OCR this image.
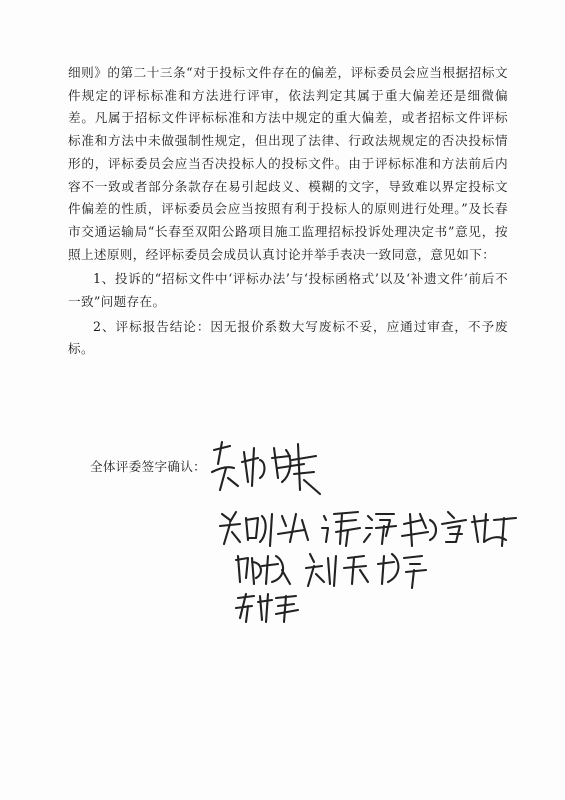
细则》的第二十三条“对于投标文件存在的偏差，评标委员会应当根据招标文件规定的评标标准和方法进行评审，依法判定其属于重大偏差还是细微偏差。凡属于招标文件评标标准和方法中规定的重大偏差，或者招标文件评标标准和方法中未做强制性规定，但出现了法律、行政法规规定的否决投标情形的，评标委员会应当否决投标人的投标文件。由于评标标准和方法前后内容不一致或者部分条款存在易引起歧义、模糊的文字，导致难以界定投标文件偏差的性质，评标委员会应当按照有利于投标人的原则进行处理。”及长春市交通运输局“长春至双阳公路项目施工监理招标投诉处理决定书”意见，按照上述原则，经评标委员会成员认真讨论并举手表决一致同意，意见如下：

1、投诉的“招标文件中‘评标办法’与‘投标函格式’以及‘补遗文件’前后不一致”问题存在。

2、评标报告结论：因无报价系数大写废标不妥，应通过审查，不予废标。

全体评委签字确认：
